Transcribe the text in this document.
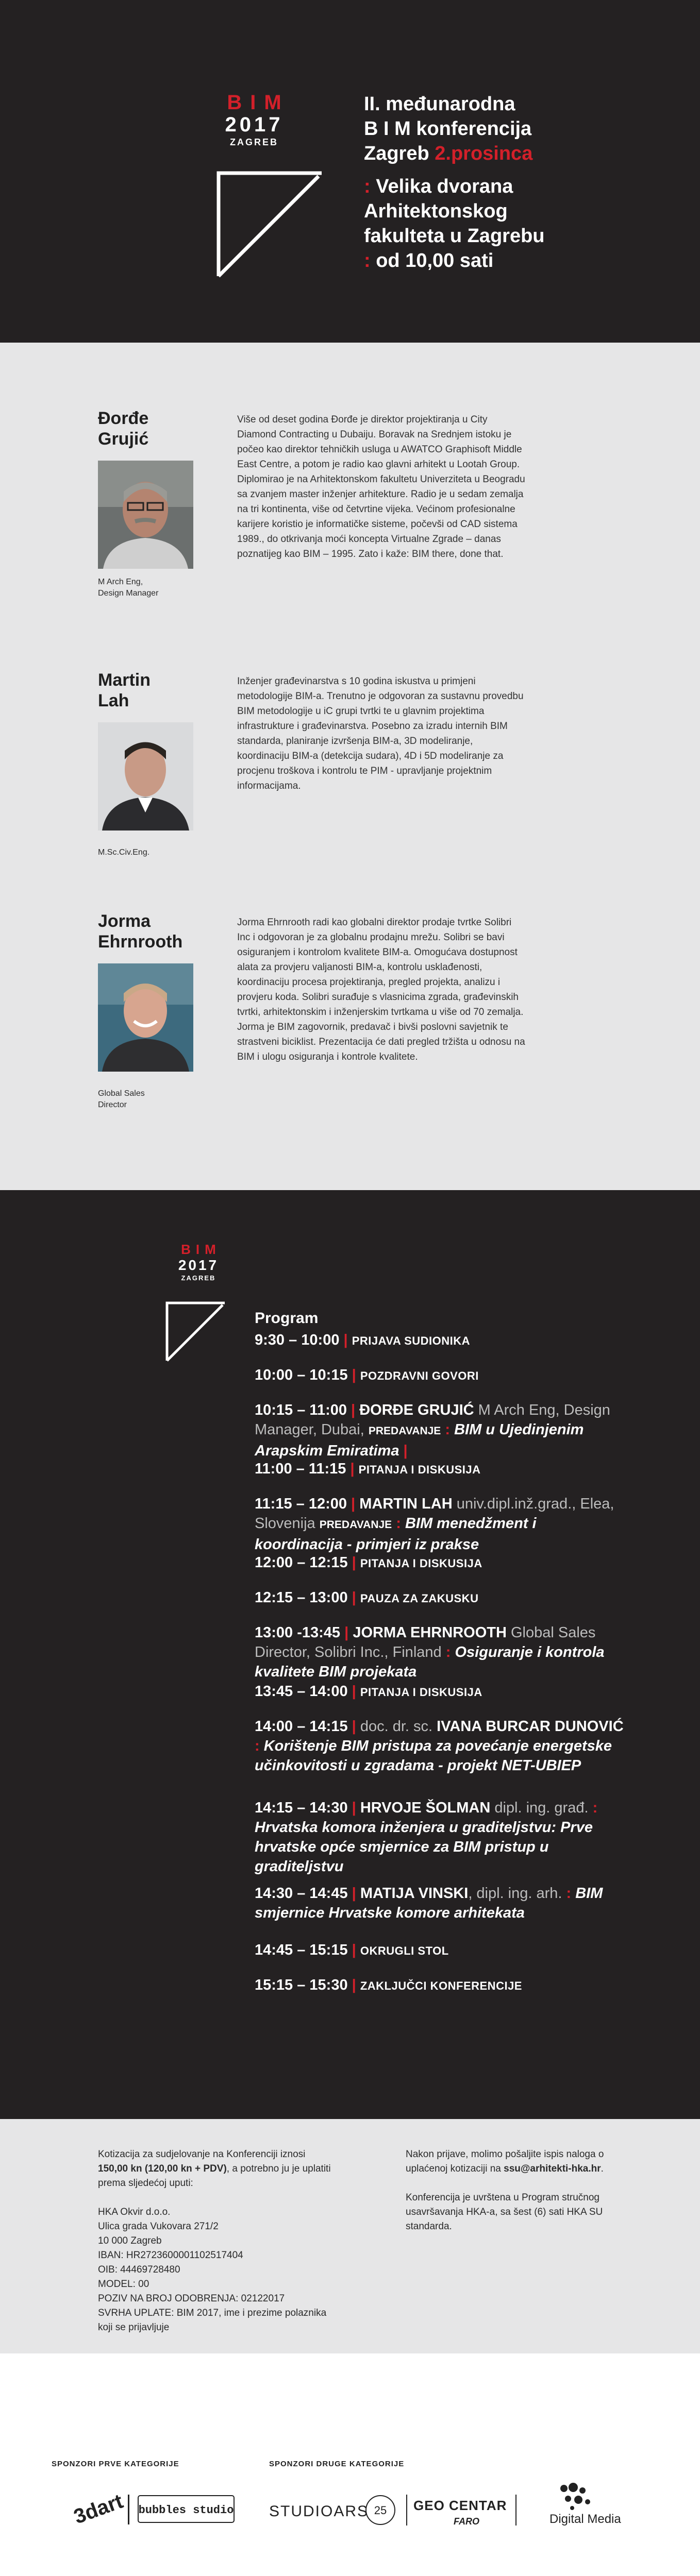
BIM
2017
ZAGREB
II. međunarodna
B I M konferencija
Zagreb 2.prosinca
: Velika dvorana
Arhitektonskog
fakulteta u Zagrebu
: od 10,00 sati
Đorđe
Grujić
M Arch Eng,
Design Manager
Više od deset godina Đorđe je direktor projektiranja u City Diamond Contracting u Dubaiju. Boravak na Srednjem istoku je počeo kao direktor tehničkih usluga u AWATCO Graphisoft Middle East Centre, a potom je radio kao glavni arhitekt u Lootah Group. Diplomirao je na Arhitektonskom fakultetu Univerziteta u Beogradu sa zvanjem master inženjer arhitekture. Radio je u sedam zemalja na tri kontinenta, više od četvrtine vijeka. Većinom profesionalne karijere koristio je informatičke sisteme, počevši od CAD sistema 1989., do otkrivanja moći koncepta Virtualne Zgrade – danas poznatijeg kao BIM – 1995. Zato i kaže: BIM there, done that.
Martin
Lah
M.Sc.Civ.Eng.
Inženjer građevinarstva s 10 godina iskustva u primjeni metodologije BIM-a. Trenutno je odgovoran za sustavnu provedbu BIM metodologije u iC grupi tvrtki te u glavnim projektima infrastrukture i građevinarstva. Posebno za izradu internih BIM standarda, planiranje izvršenja BIM-a, 3D modeliranje, koordinaciju BIM-a (detekcija sudara), 4D i 5D modeliranje za procjenu troškova i kontrolu te PIM - upravljanje projektnim informacijama.
Jorma
Ehrnrooth
Global Sales
Director
Jorma Ehrnrooth radi kao globalni direktor prodaje tvrtke Solibri Inc i odgovoran je za globalnu prodajnu mrežu. Solibri se bavi osiguranjem i kontrolom kvalitete BIM-a. Omogućava dostupnost alata za provjeru valjanosti BIM-a, kontrolu usklađenosti, koordinaciju procesa projektiranja, pregled projekta, analizu i provjeru koda. Solibri surađuje s vlasnicima zgrada, građevinskih tvrtki, arhitektonskim i inženjerskim tvrtkama u više od 70 zemalja. Jorma je BIM zagovornik, predavač i bivši poslovni savjetnik te strastveni biciklist. Prezentacija će dati pregled tržišta u odnosu na BIM i ulogu osiguranja i kontrole kvalitete.
BIM
2017
ZAGREB
Program
9:30 – 10:00 | PRIJAVA SUDIONIKA
10:00 – 10:15 | POZDRAVNI GOVORI
10:15 – 11:00 | ĐORĐE GRUJIĆ M Arch Eng, Design Manager, Dubai, PREDAVANJE : BIM u Ujedinjenim Arapskim Emiratima |
11:00 – 11:15 | PITANJA I DISKUSIJA
11:15 – 12:00 | MARTIN LAH univ.dipl.inž.grad., Elea, Slovenija PREDAVANJE : BIM menedžment i koordinacija - primjeri iz prakse
12:00 – 12:15 | PITANJA I DISKUSIJA
12:15 – 13:00 | PAUZA ZA ZAKUSKU
13:00 -13:45 | JORMA EHRNROOTH Global Sales Director, Solibri Inc., Finland : Osiguranje i kontrola kvalitete BIM projekata
13:45 – 14:00 | PITANJA I DISKUSIJA
14:00 – 14:15 | doc. dr. sc. IVANA BURCAR DUNOVIĆ : Korištenje BIM pristupa za povećanje energetske učinkovitosti u zgradama - projekt NET-UBIEP
14:15 – 14:30 | HRVOJE ŠOLMAN dipl. ing. građ. : Hrvatska komora inženjera u graditeljstvu: Prve hrvatske opće smjernice za BIM pristup u graditeljstvu
14:30 – 14:45 | MATIJA VINSKI, dipl. ing. arh. : BIM smjernice Hrvatske komore arhitekata
14:45 – 15:15 | OKRUGLI STOL
15:15 – 15:30 | ZAKLJUČCI KONFERENCIJE

Kotizacija za sudjelovanje na Konferenciji iznosi 150,00 kn (120,00 kn + PDV), a potrebno ju je uplatiti prema sljedećoj uputi:

HKA Okvir d.o.o.
Ulica grada Vukovara 271/2
10 000 Zagreb
IBAN: HR2723600001102517404
OIB: 44469728480
MODEL: 00
POZIV NA BROJ ODOBRENJA: 02122017
SVRHA UPLATE: BIM 2017, ime i prezime polaznika koji se prijavljuje

Nakon prijave, molimo pošaljite ispis naloga o uplaćenoj kotizaciji na ssu@arhitekti-hka.hr.

Konferencija je uvrštena u Program stručnog usavršavanja HKA-a, sa šest (6) sati HKA SU standarda.

SPONZORI PRVE KATEGORIJE	SPONZORI DRUGE KATEGORIJE
3dart bubbles studio STUDIOARS 25 GEO CENTAR
FARO	Digital Media
